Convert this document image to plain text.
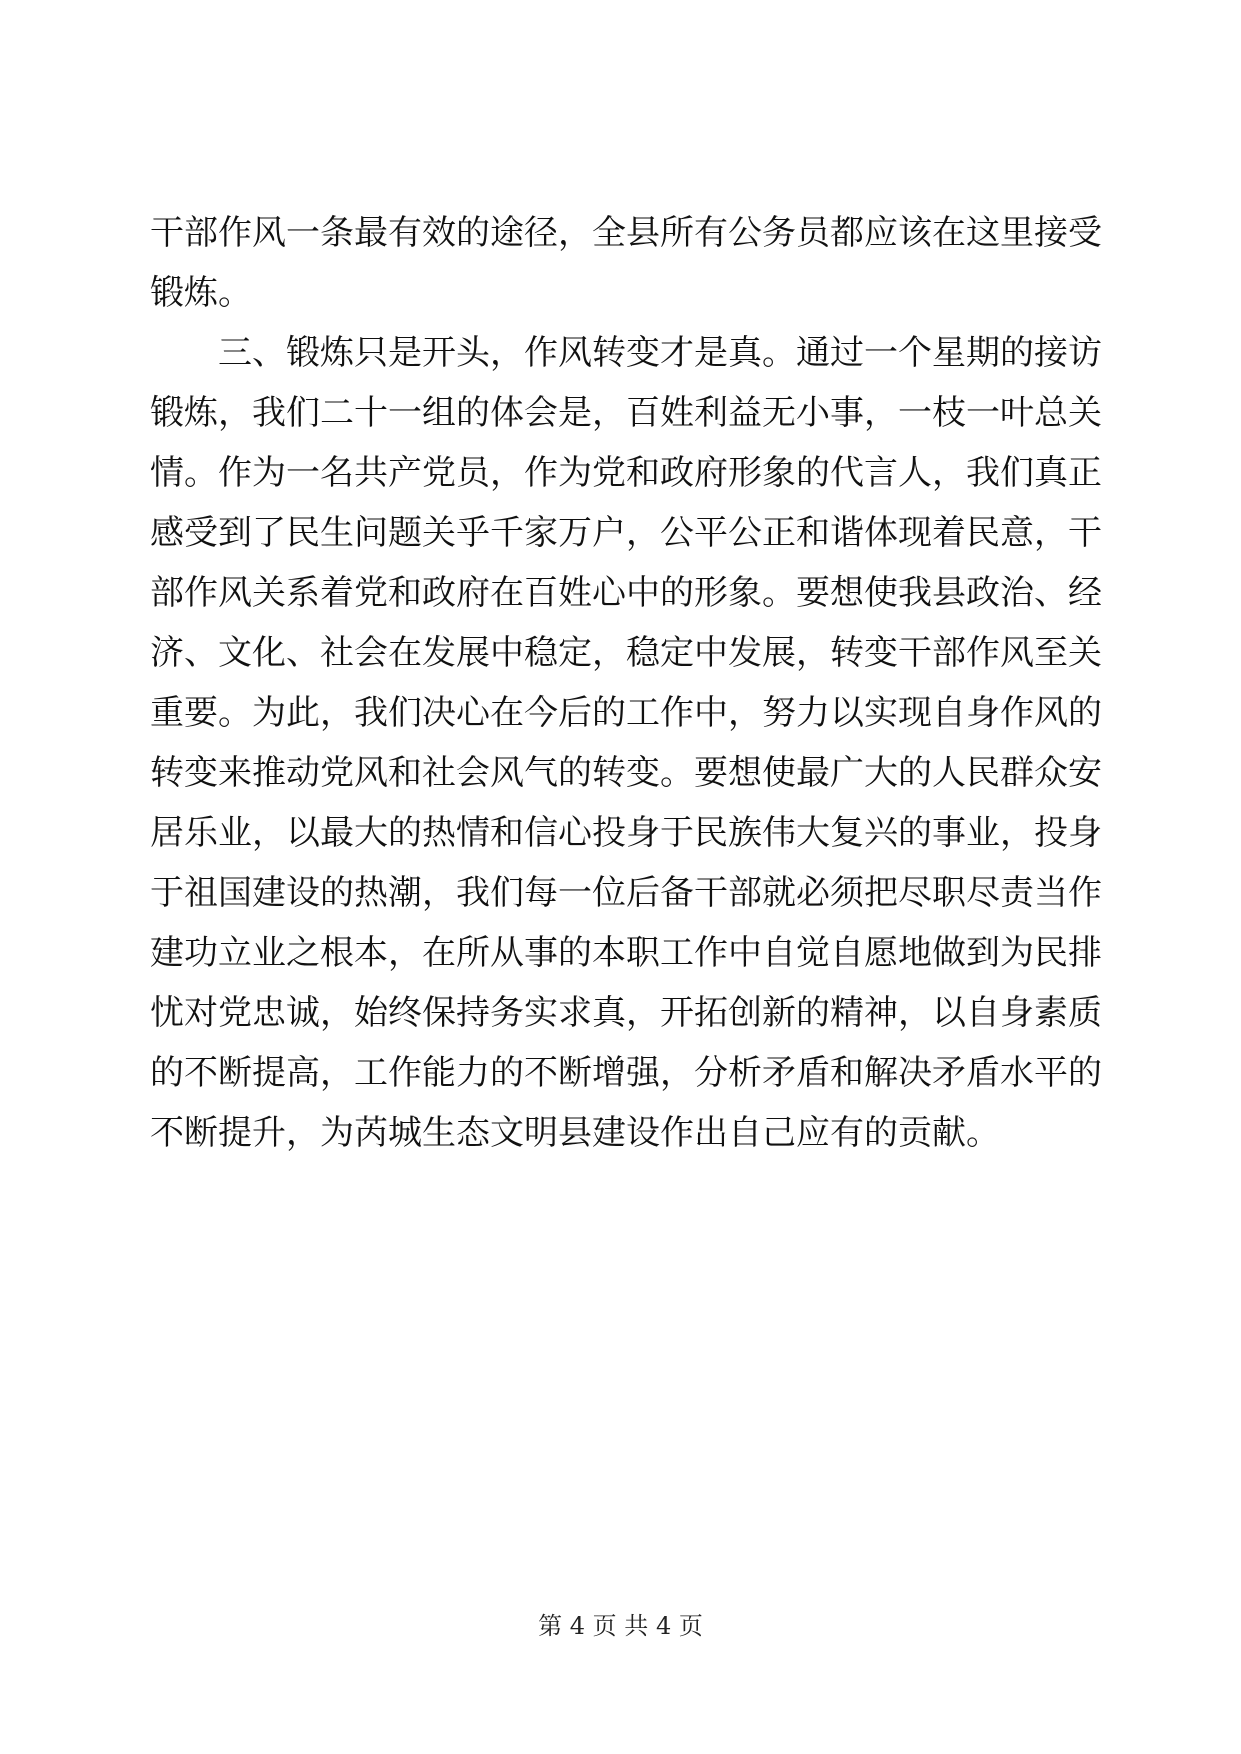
干部作风一条最有效的途径，全县所有公务员都应该在这里接受
锻炼。
三、锻炼只是开头，作风转变才是真。通过一个星期的接访
锻炼，我们二十一组的体会是，百姓利益无小事，一枝一叶总关
情。作为一名共产党员，作为党和政府形象的代言人，我们真正
感受到了民生问题关乎千家万户，公平公正和谐体现着民意，干
部作风关系着党和政府在百姓心中的形象。要想使我县政治、经
济、文化、社会在发展中稳定，稳定中发展，转变干部作风至关
重要。为此，我们决心在今后的工作中，努力以实现自身作风的
转变来推动党风和社会风气的转变。要想使最广大的人民群众安
居乐业，以最大的热情和信心投身于民族伟大复兴的事业，投身
于祖国建设的热潮，我们每一位后备干部就必须把尽职尽责当作
建功立业之根本，在所从事的本职工作中自觉自愿地做到为民排
忧对党忠诚，始终保持务实求真，开拓创新的精神，以自身素质
的不断提高，工作能力的不断增强，分析矛盾和解决矛盾水平的
不断提升，为芮城生态文明县建设作出自己应有的贡献。
第 4 页 共 4 页
